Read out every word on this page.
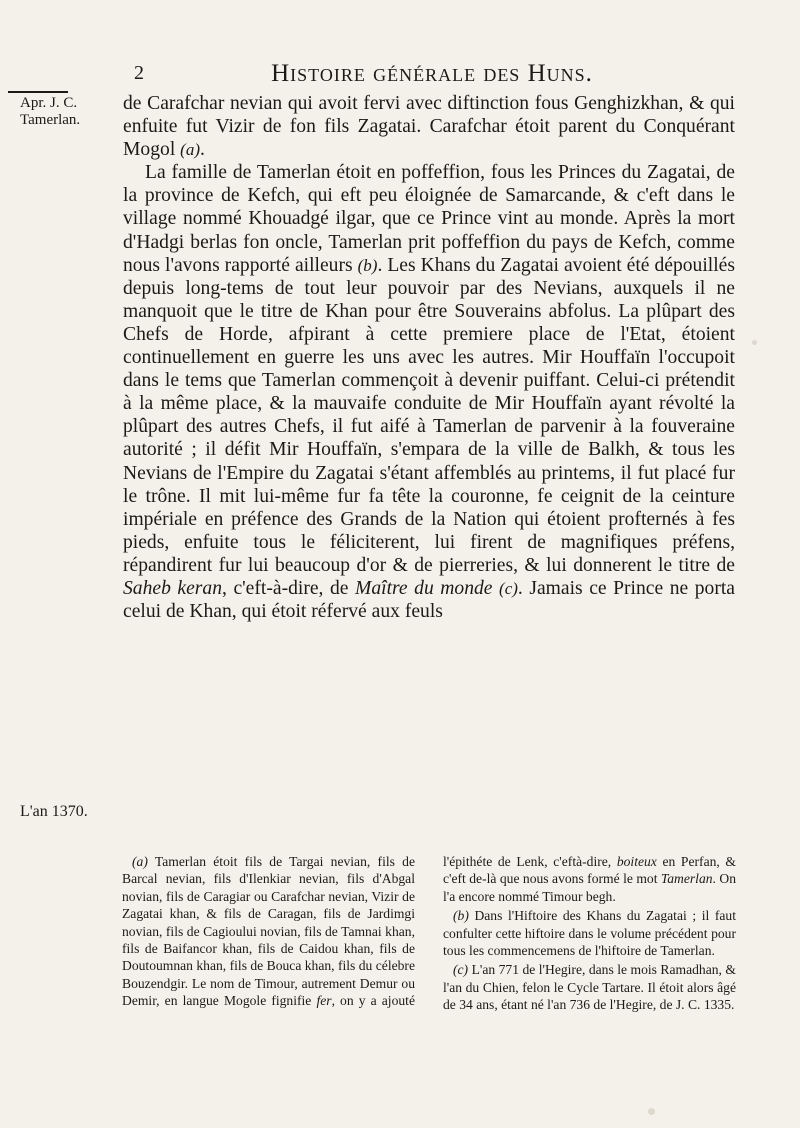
2	Histoire générale des Huns.
Apr. J. C. Tamerlan.
L'an 1370.

de Carafchar nevian qui avoit fervi avec diftinction fous Genghizkhan, & qui enfuite fut Vizir de fon fils Zagatai. Carafchar étoit parent du Conquérant Mogol (a).

La famille de Tamerlan étoit en poffeffion, fous les Princes du Zagatai, de la province de Kefch, qui eft peu éloignée de Samarcande, & c'eft dans le village nommé Khouadgé ilgar, que ce Prince vint au monde. Après la mort d'Hadgi berlas fon oncle, Tamerlan prit poffeffion du pays de Kefch, comme nous l'avons rapporté ailleurs (b). Les Khans du Zagatai avoient été dépouillés depuis long-tems de tout leur pouvoir par des Nevians, auxquels il ne manquoit que le titre de Khan pour être Souverains abfolus. La plûpart des Chefs de Horde, afpirant à cette premiere place de l'Etat, étoient continuellement en guerre les uns avec les autres. Mir Houffaïn l'occupoit dans le tems que Tamerlan commençoit à devenir puiffant. Celui-ci prétendit à la même place, & la mauvaife conduite de Mir Houffaïn ayant révolté la plûpart des autres Chefs, il fut aifé à Tamerlan de parvenir à la fouveraine autorité ; il défit Mir Houffaïn, s'empara de la ville de Balkh, & tous les Nevians de l'Empire du Zagatai s'étant affemblés au printems, il fut placé fur le trône. Il mit lui-même fur fa tête la couronne, fe ceignit de la ceinture impériale en préfence des Grands de la Nation qui étoient profternés à fes pieds, enfuite tous le féliciterent, lui firent de magnifiques préfens, répandirent fur lui beaucoup d'or & de pierreries, & lui donnerent le titre de Saheb keran, c'eft-à-dire, de Maître du monde (c). Jamais ce Prince ne porta celui de Khan, qui étoit réfervé aux feuls

(a) Tamerlan étoit fils de Targai nevian, fils de Barcal nevian, fils d'Ilenkiar nevian, fils d'Abgal novian, fils de Caragiar ou Carafchar nevian, Vizir de Zagatai khan, & fils de Caragan, fils de Jardimgi novian, fils de Cagioului novian, fils de Tamnai khan, fils de Baifancor khan, fils de Caidou khan, fils de Doutoumnan khan, fils de Bouca khan, fils du célebre Bouzendgir. Le nom de Timour, autrement Demur ou Demir, en langue Mogole fignifie fer, on y a ajouté l'épithéte de Lenk, c'eftà-dire, boiteux en Perfan, & c'eft de-là que nous avons formé le mot Tamerlan. On l'a encore nommé Timour begh.

(b) Dans l'Hiftoire des Khans du Zagatai ; il faut confulter cette hiftoire dans le volume précédent pour tous les commencemens de l'hiftoire de Tamerlan.

(c) L'an 771 de l'Hegire, dans le mois Ramadhan, & l'an du Chien, felon le Cycle Tartare. Il étoit alors âgé de 34 ans, étant né l'an 736 de l'Hegire, de J. C. 1335.
